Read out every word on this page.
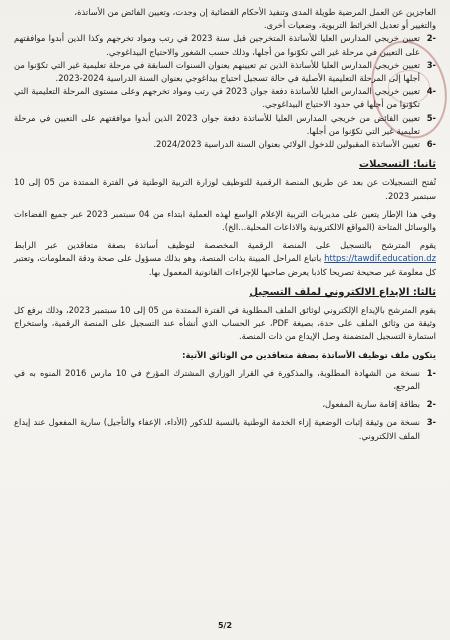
العاجزين عن العمل المرضية طويلة المدى وتنفيذ الأحكام القضائية إن وجدت، وتعيين الفائض من الأساتذة،

والتغيير أو تعديل الخرائط التربوية، وضعيات أخرى.

-2
تعيين خريجي المدارس العليا للأساتذة المتخرجين قبل سنة 2023 في رتب ومواد تخرجهم وكذا الذين أبدوا موافقتهم على التعيين في مرحلة غير التي تكوّنوا من أجلها، وذلك حسب الشغور والاحتياج البيداغوجي.

-3
تعيين خريجي المدارس العليا للأساتذة الذين تم تعيينهم بعنوان السنوات السابقة في مرحلة تعليمية غير التي تكوّنوا من أجلها إلى المرحلة التعليمية الأصلية في حالة تسجيل احتياج بيداغوجي بعنوان السنة الدراسية 2024-2023.

-4
تعيين خريجي المدارس العليا للأساتذة دفعة جوان 2023 في رتب ومواد تخرجهم وعلى مستوى المرحلة التعليمية التي تكوّنوا من أجلها في حدود الاحتياج البيداغوجي.

-5
تعيين الفائض من خريجي المدارس العليا للأساتذة دفعة جوان 2023 الذين أبدوا موافقتهم على التعيين في مرحلة تعليمية غير التي تكوّنوا من أجلها.

-6
تعيين الأساتذة المقبولين للدخول الولائي بعنوان السنة الدراسية 2024/2023.

ثانيا: التسجيلات

تُفتح التسجيلات عن بعد عن طريق المنصة الرقمية للتوظيف لوزارة التربية الوطنية في الفترة الممتدة من 05 إلى 10 سبتمبر 2023.

وفي هذا الإطار يتعين على مديريات التربية الإعلام الواسع لهذه العملية ابتداء من 04 سبتمبر 2023 عبر جميع الفضاءات والوسائل المتاحة (المواقع الالكترونية والاذاعات المحلية...الخ).

يقوم المترشح بالتسجيل على المنصة الرقمية المخصصة لتوظيف أساتذة بصفة متعاقدين عبر الرابط https://tawdif.education.dz باتباع المراحل المبينة بذات المنصة، وهو بذلك مسؤول على صحة ودقة المعلومات، وتعتبر كل معلومة غير صحيحة تصريحا كاذبا يعرض صاحبها للإجراءات القانونية المعمول بها.

ثالثا: الإيداع الالكتروني لملف التسجيل

يقوم المترشح بالإيداع الإلكتروني لوثائق الملف المطلوبة في الفترة الممتدة من 05 إلى 10 سبتمبر 2023، وذلك برفع كل وثيقة من وثائق الملف على حدة، بصيغة PDF، عبر الحساب الذي أنشأه عند التسجيل على المنصة الرقمية، واستخراج استمارة التسجيل المتضمنة وصل الإيداع من ذات المنصة.

يتكون ملف توظيف الأساتذة بصفة متعاقدين من الوثائق الآتية:

-1
نسخة من الشهادة المطلوبة، والمذكورة في القرار الوزاري المشترك المؤرخ في 10 مارس 2016 المنوه به في المرجع،

-2
بطاقة إقامة سارية المفعول،

-3
نسخة من وثيقة إثبات الوضعية إزاء الخدمة الوطنية بالنسبة للذكور (الأداء، الإعفاء والتأجيل) سارية المفعول عند إيداع الملف الالكتروني.

5/2
